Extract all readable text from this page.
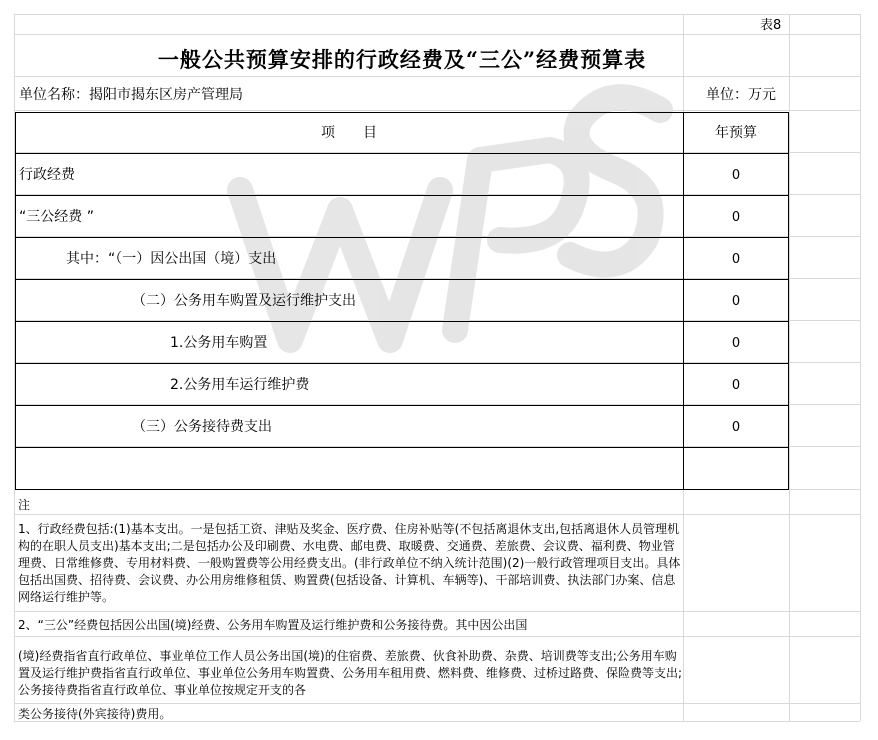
表8
一般公共预算安排的行政经费及“三公”经费预算表
单位名称：揭阳市揭东区房产管理局	单位：万元
项　　目	年预算
行政经费	0
“三公经费 ”	0
其中：“（一）因公出国（境）支出	0
（二）公务用车购置及运行维护支出	0
1.公务用车购置	0
2.公务用车运行维护费	0
（三）公务接待费支出	0
注
1、行政经费包括:(1)基本支出。一是包括工资、津贴及奖金、医疗费、住房补贴等(不包括离退休支出,包括离退休人员管理机构的在职人员支出)基本支出;二是包括办公及印刷费、水电费、邮电费、取暖费、交通费、差旅费、会议费、福利费、物业管理费、日常维修费、专用材料费、一般购置费等公用经费支出。(非行政单位不纳入统计范围)(2)一般行政管理项目支出。具体包括出国费、招待费、会议费、办公用房维修租赁、购置费(包括设备、计算机、车辆等)、干部培训费、执法部门办案、信息网络运行维护等。
2、“三公”经费包括因公出国(境)经费、公务用车购置及运行维护费和公务接待费。其中因公出国
(境)经费指省直行政单位、事业单位工作人员公务出国(境)的住宿费、差旅费、伙食补助费、杂费、培训费等支出;公务用车购置及运行维护费指省直行政单位、事业单位公务用车购置费、公务用车租用费、燃料费、维修费、过桥过路费、保险费等支出;公务接待费指省直行政单位、事业单位按规定开支的各
类公务接待(外宾接待)费用。
